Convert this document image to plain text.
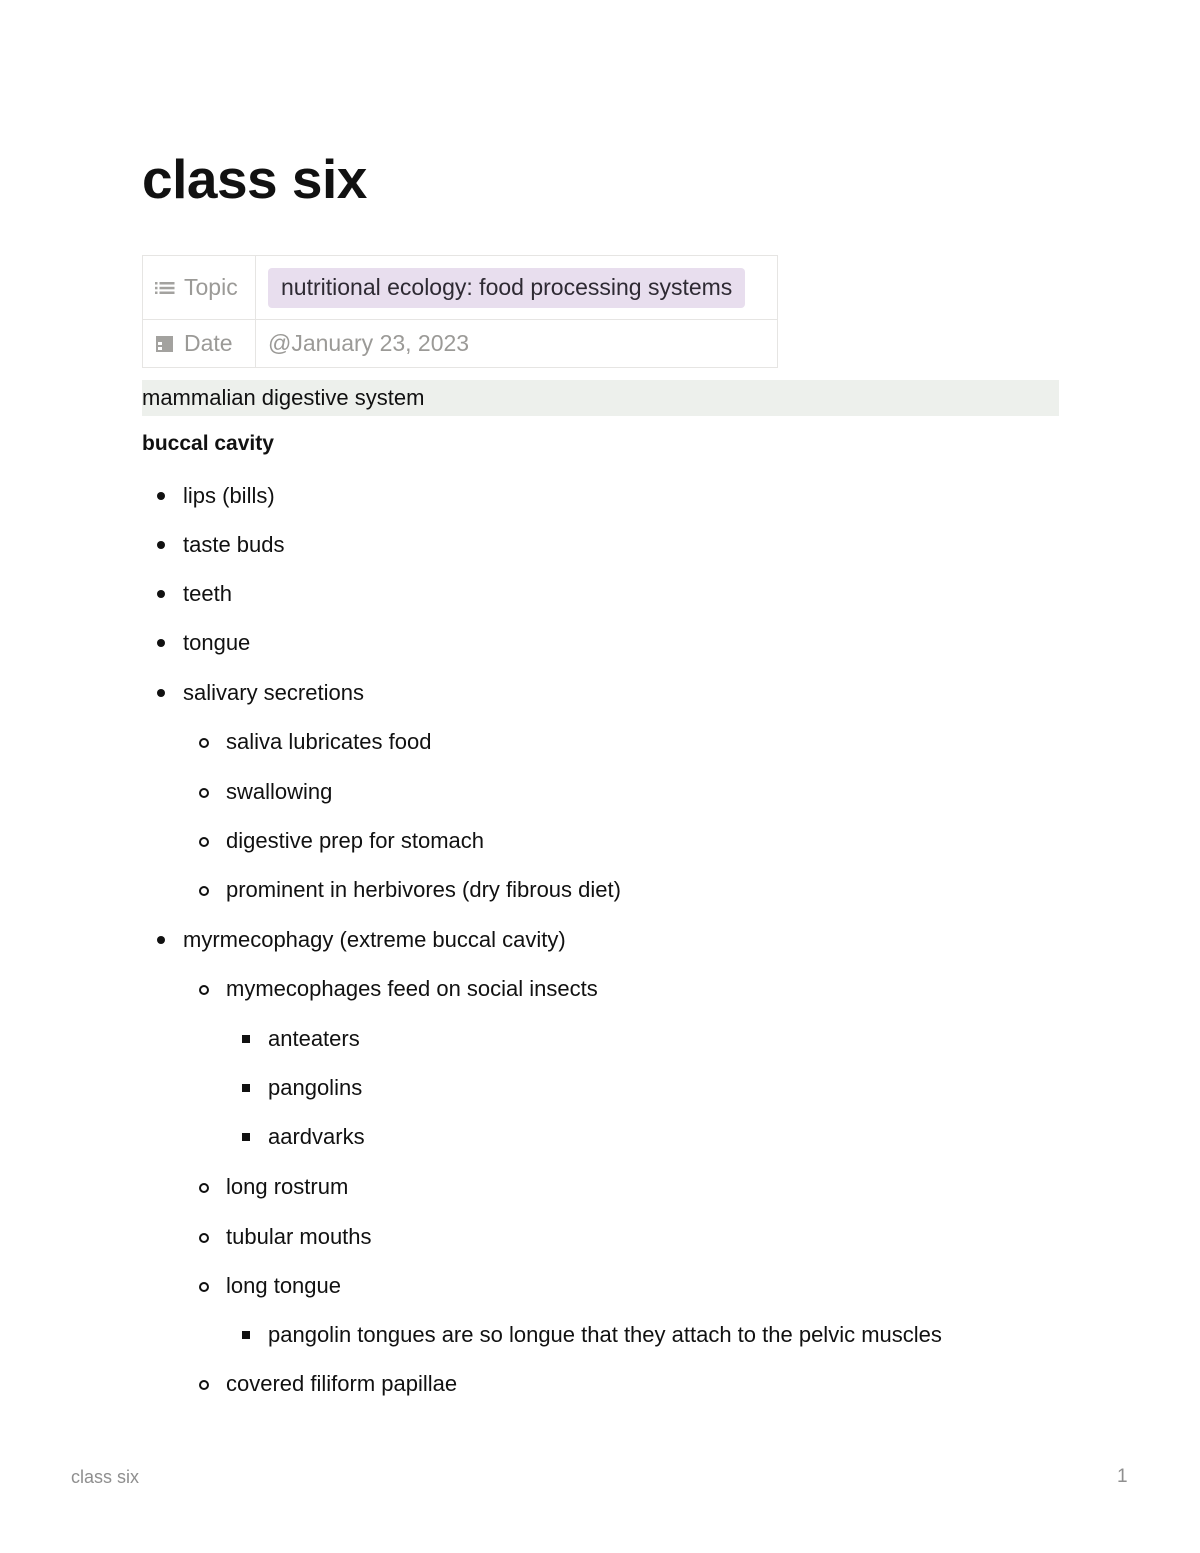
class six
Topic	nutritional ecology: food processing systems

Date	@January 23, 2023
mammalian digestive system
buccal cavity
lips (bills)
taste buds
teeth
tongue
salivary secretions
saliva lubricates food
swallowing
digestive prep for stomach
prominent in herbivores (dry fibrous diet)
myrmecophagy (extreme buccal cavity)
mymecophages feed on social insects
anteaters
pangolins
aardvarks
long rostrum
tubular mouths
long tongue
pangolin tongues are so longue that they attach to the pelvic muscles
covered filiform papillae
class six	1
